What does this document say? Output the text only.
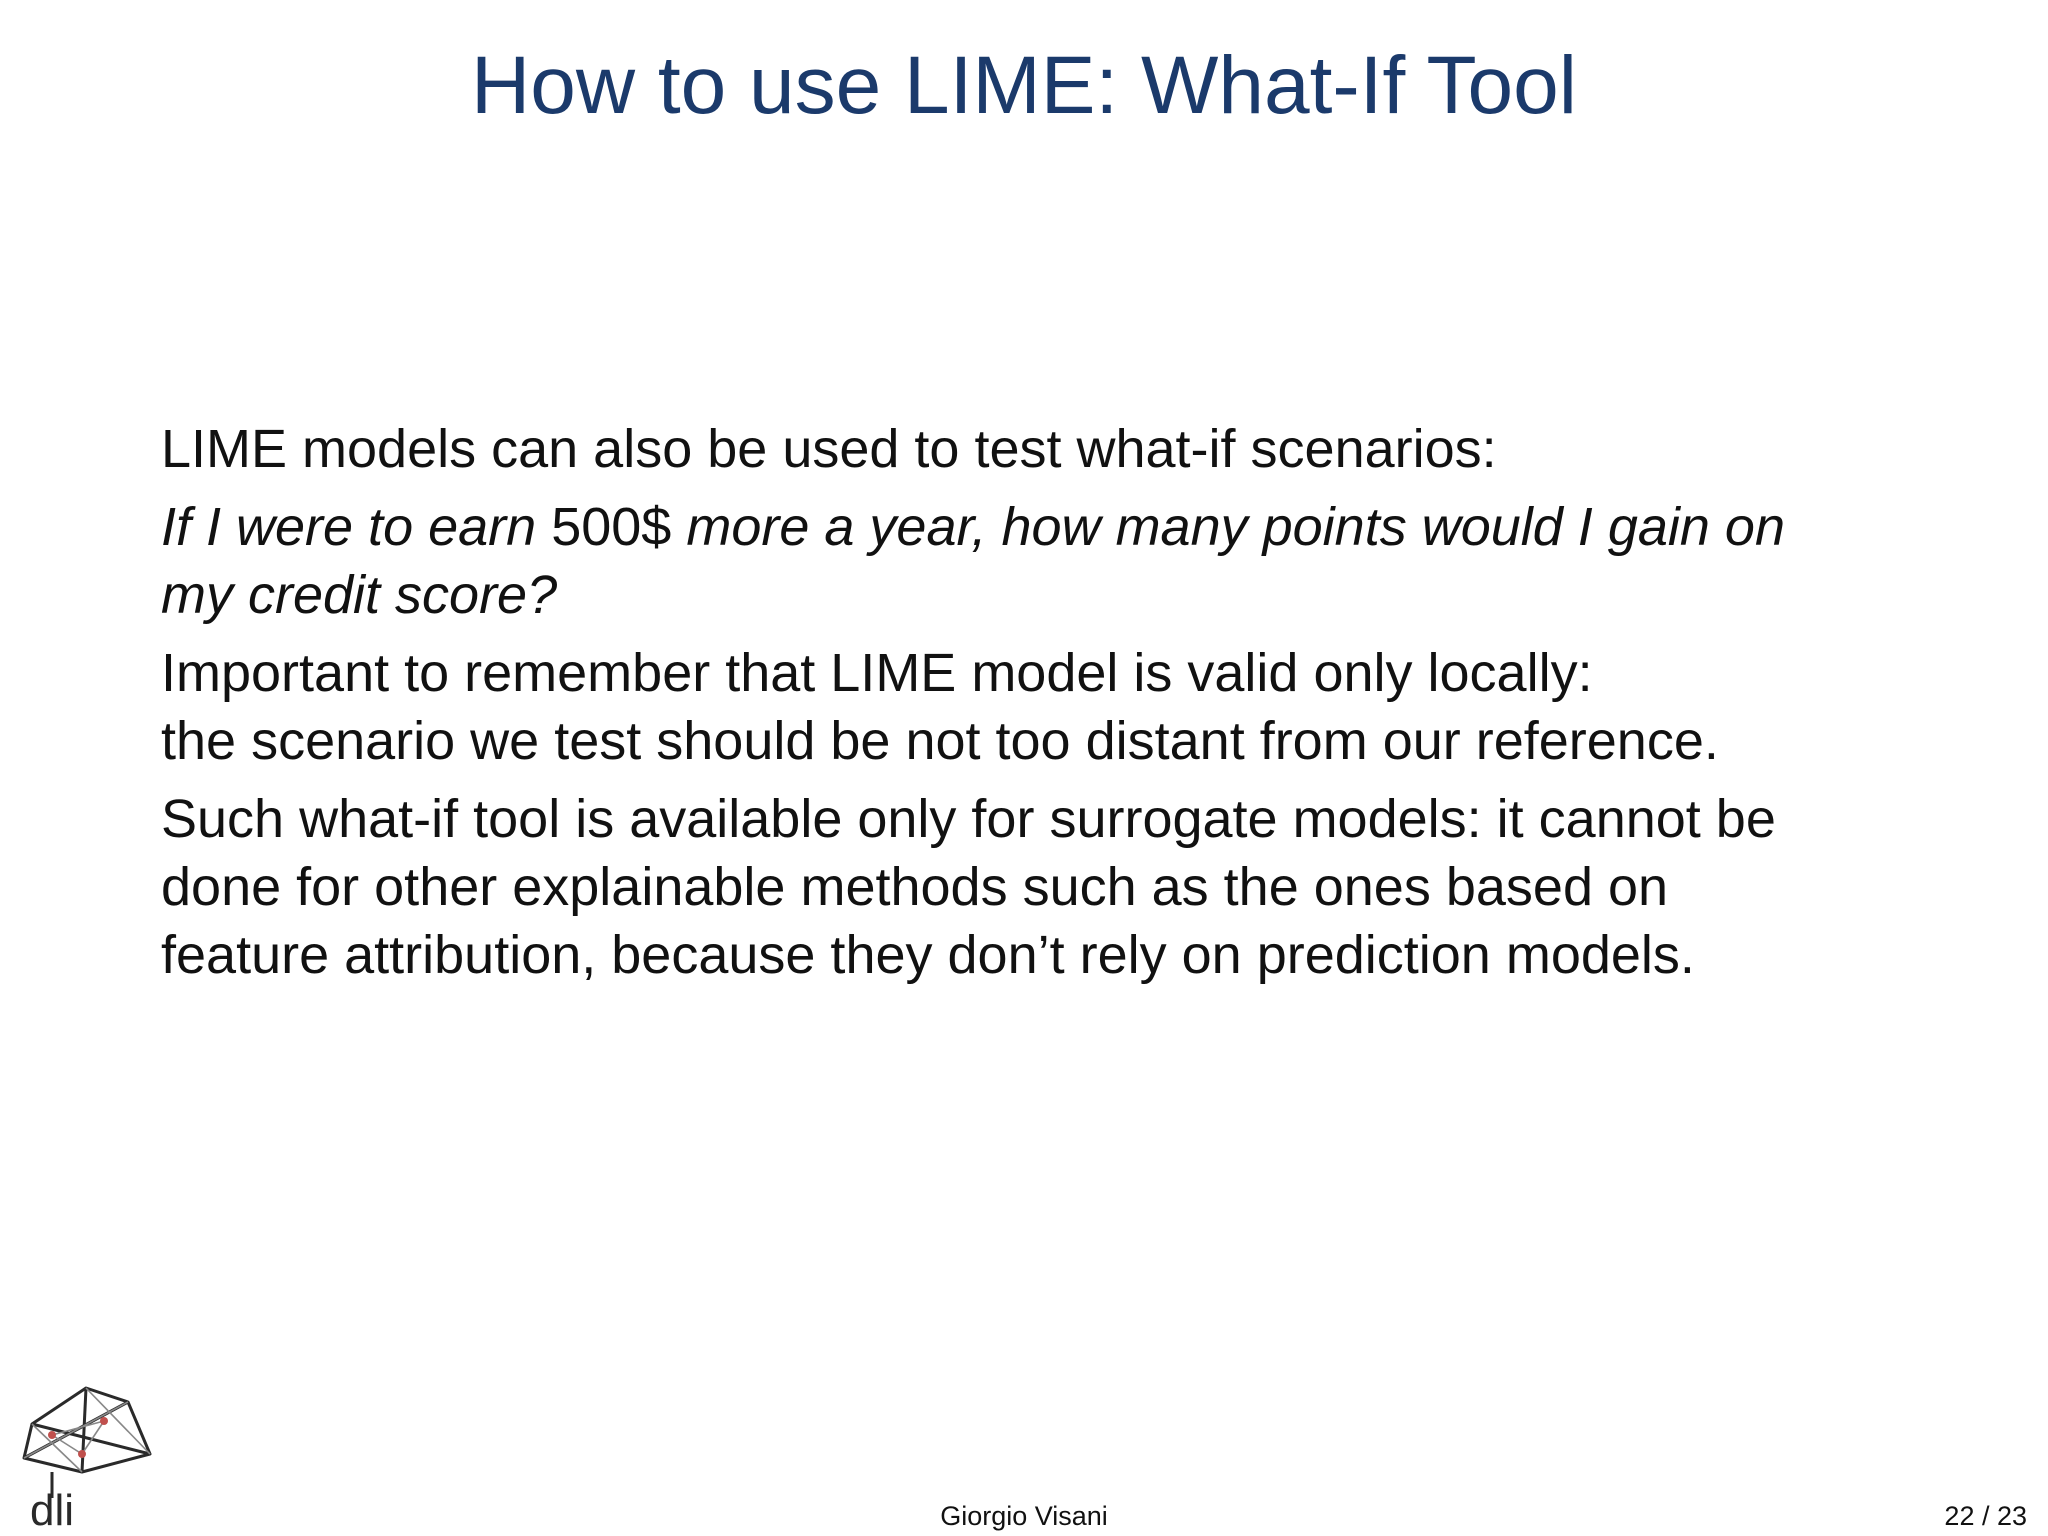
How to use LIME: What-If Tool

LIME models can also be used to test what-if scenarios:

If I were to earn 500$ more a year, how many points would I gain on
my credit score?

Important to remember that LIME model is valid only locally:
the scenario we test should be not too distant from our reference.

Such what-if tool is available only for surrogate models: it cannot be
done for other explainable methods such as the ones based on
feature attribution, because they don’t rely on prediction models.

dli	Giorgio Visani	22 / 23
